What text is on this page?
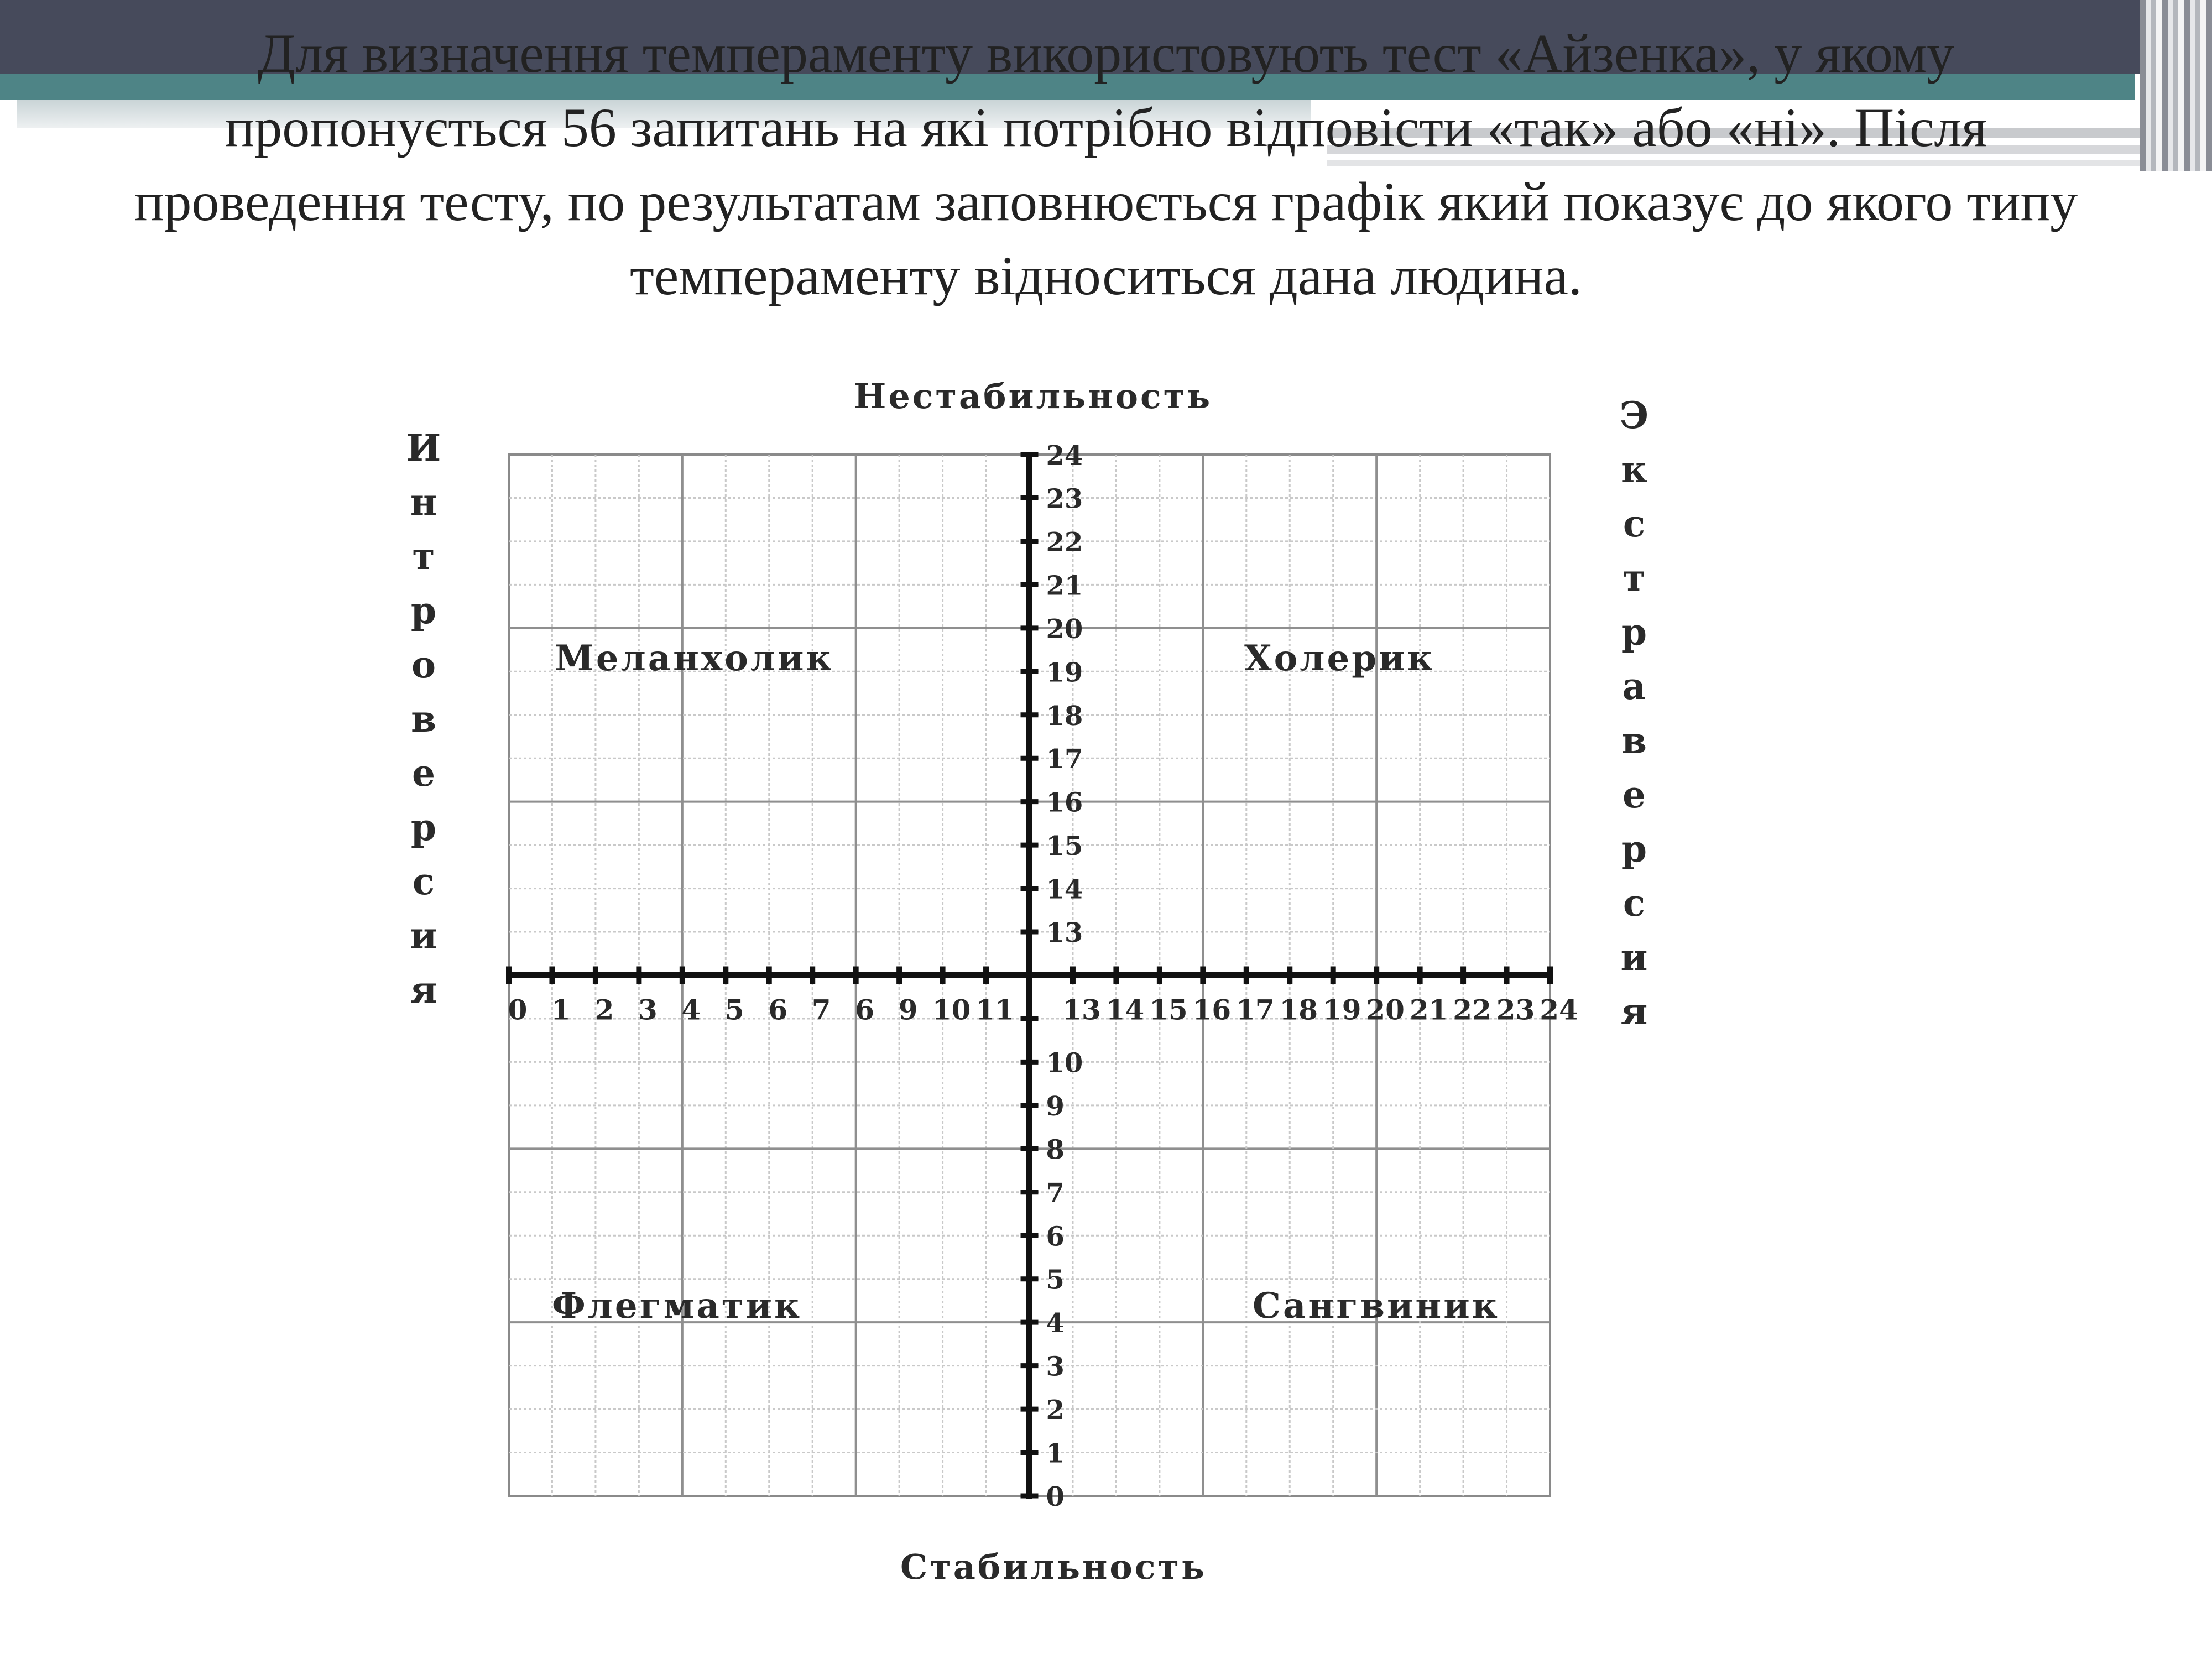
Для визначення темпераменту використовують тест «Айзенка», у якому
пропонується 56 запитань на які потрібно відповісти «так» або «ні». Після
проведення тесту, по результатам заповнюється графік який показує до якого типу
темпераменту відноситься дана людина.

0 1 2 3 4 5 6 7 6 9 10 11 13 14 15 16 17 18 19 20 21 22 23 24
13
14
15
16
17
18
19
20
21
22
23
24
0
1
2
3
4
5
6
7
8
9
10
Нестабильность
Стабильность
Меланхолик	Холерик
Флегматик	Сангвиник
Интроверсия	Экстраверсия
